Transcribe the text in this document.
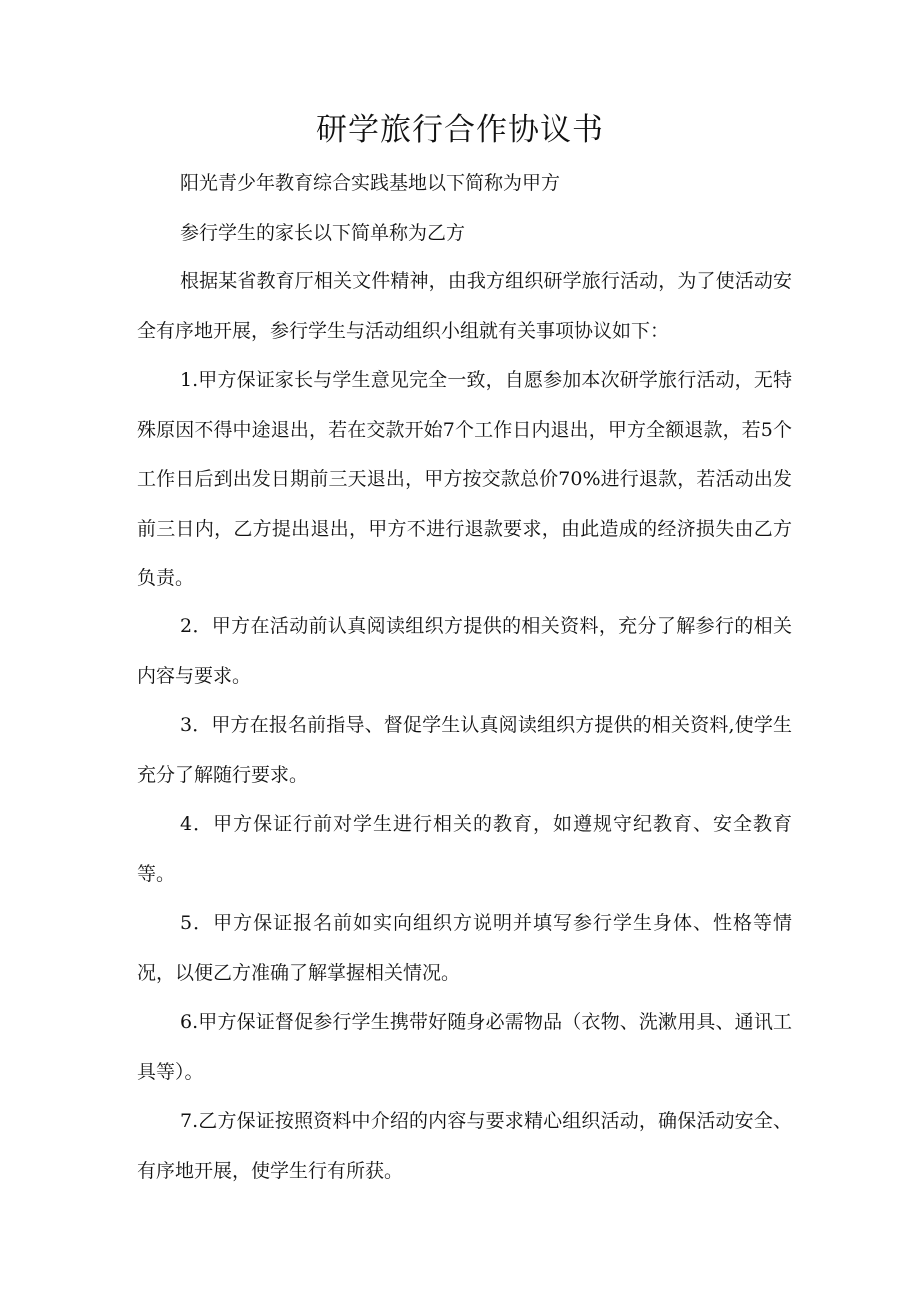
研学旅行合作协议书

阳光青少年教育综合实践基地以下简称为甲方

参行学生的家长以下简单称为乙方

根据某省教育厅相关文件精神，由我方组织研学旅行活动，为了使活动安全有序地开展，参行学生与活动组织小组就有关事项协议如下：

1.甲方保证家长与学生意见完全一致，自愿参加本次研学旅行活动，无特殊原因不得中途退出，若在交款开始7个工作日内退出，甲方全额退款，若5个工作日后到出发日期前三天退出，甲方按交款总价70%进行退款，若活动出发前三日内，乙方提出退出，甲方不进行退款要求，由此造成的经济损失由乙方负责。

2．甲方在活动前认真阅读组织方提供的相关资料，充分了解参行的相关内容与要求。

3．甲方在报名前指导、督促学生认真阅读组织方提供的相关资料,使学生充分了解随行要求。

4．甲方保证行前对学生进行相关的教育，如遵规守纪教育、安全教育等。

5．甲方保证报名前如实向组织方说明并填写参行学生身体、性格等情况，以便乙方准确了解掌握相关情况。

6.甲方保证督促参行学生携带好随身必需物品（衣物、洗漱用具、通讯工具等）。

7.乙方保证按照资料中介绍的内容与要求精心组织活动，确保活动安全、有序地开展，使学生行有所获。
